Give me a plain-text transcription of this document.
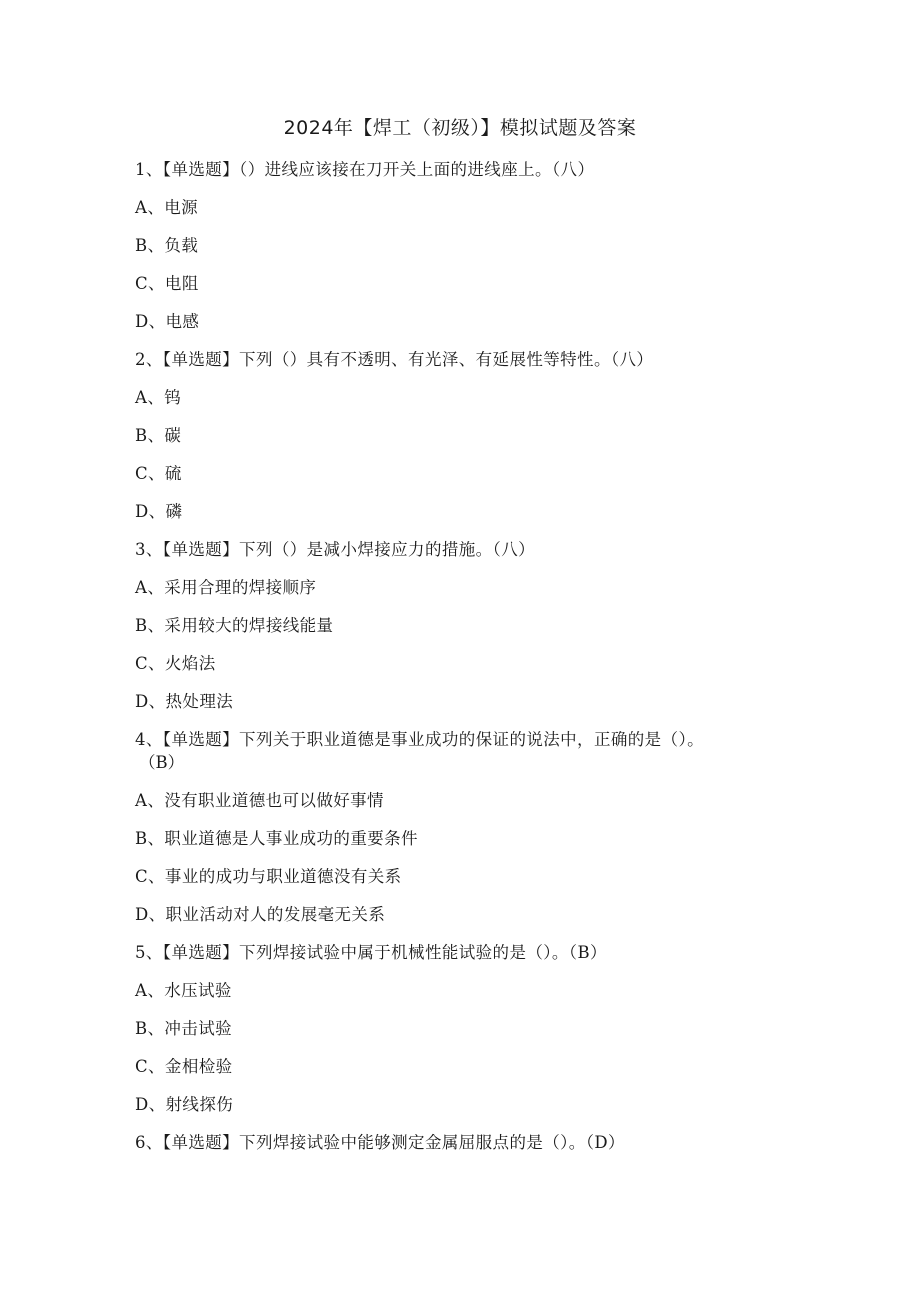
2024年【焊工（初级）】模拟试题及答案
1、【单选题】（）进线应该接在刀开关上面的进线座上。（八）
A、电源
B、负载
C、电阻
D、电感
2、【单选题】下列（）具有不透明、有光泽、有延展性等特性。（八）
A、钨
B、碳
C、硫
D、磷
3、【单选题】下列（）是减小焊接应力的措施。（八）
A、采用合理的焊接顺序
B、采用较大的焊接线能量
C、火焰法
D、热处理法
4、【单选题】下列关于职业道德是事业成功的保证的说法中，正确的是（）。
（B）
A、没有职业道德也可以做好事情
B、职业道德是人事业成功的重要条件
C、事业的成功与职业道德没有关系
D、职业活动对人的发展毫无关系
5、【单选题】下列焊接试验中属于机械性能试验的是（）。（B）
A、水压试验
B、冲击试验
C、金相检验
D、射线探伤
6、【单选题】下列焊接试验中能够测定金属屈服点的是（）。（D）
